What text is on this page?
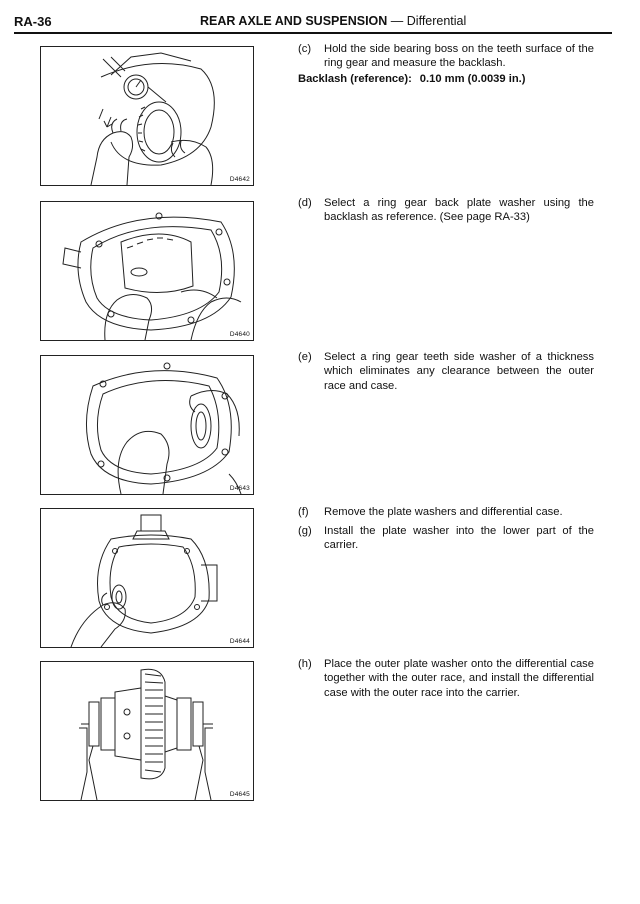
RA-36	REAR AXLE AND SUSPENSION — Differential
D4642
D4640
D4643
D4644
D4645
(c) Hold the side bearing boss on the teeth surface of the ring gear and measure the backlash.
Backlash (reference): 0.10 mm (0.0039 in.)
(d) Select a ring gear back plate washer using the backlash as reference. (See page RA-33)
(e) Select a ring gear teeth side washer of a thickness which eliminates any clearance between the outer race and case.
(f) Remove the plate washers and differential case.
(g) Install the plate washer into the lower part of the carrier.
(h) Place the outer plate washer onto the differential case together with the outer race, and install the differential case with the outer race into the carrier.
